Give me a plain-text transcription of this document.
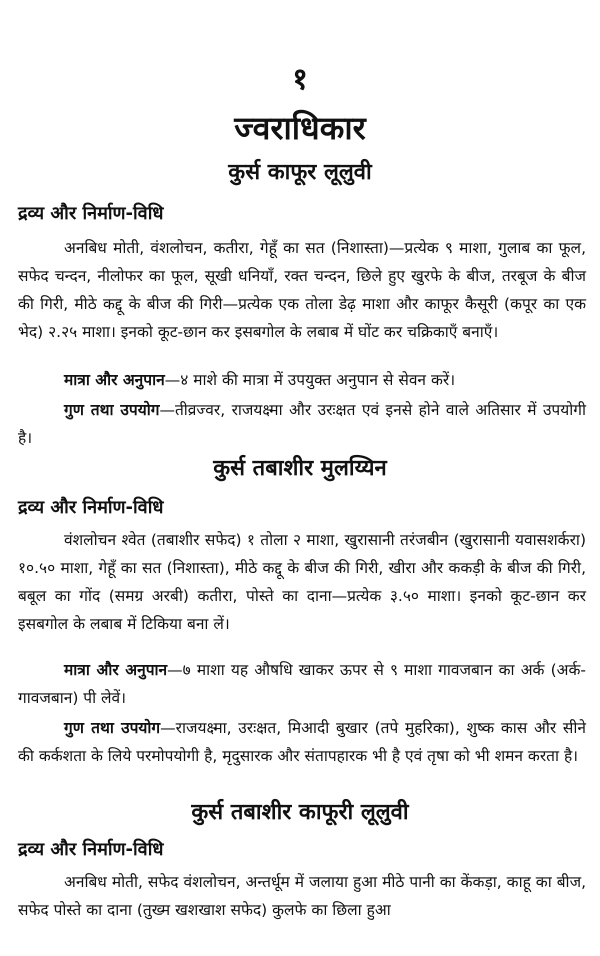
१
ज्वराधिकार
कुर्स काफूर लूलुवी
द्रव्य और निर्माण-विधि

अनबिध मोती, वंशलोचन, कतीरा, गेहूँ का सत (निशास्ता)—प्रत्येक ९ माशा, गुलाब का फूल, सफेद चन्दन, नीलोफर का फूल, सूखी धनियाँ, रक्त चन्दन, छिले हुए खुरफे के बीज, तरबूज के बीज की गिरी, मीठे कद्दू के बीज की गिरी—प्रत्येक एक तोला डेढ़ माशा और काफूर कैसूरी (कपूर का एक भेद) २.२५ माशा। इनको कूट-छान कर इसबगोल के लबाब में घोंट कर चक्रिकाएँ बनाएँ।

मात्रा और अनुपान—४ माशे की मात्रा में उपयुक्त अनुपान से सेवन करें।

गुण तथा उपयोग—तीव्रज्वर, राजयक्ष्मा और उरःक्षत एवं इनसे होने वाले अतिसार में उपयोगी है।

कुर्स तबाशीर मुलय्यिन
द्रव्य और निर्माण-विधि

वंशलोचन श्वेत (तबाशीर सफेद) १ तोला २ माशा, खुरासानी तरंजबीन (खुरासानी यवासशर्करा) १०.५० माशा, गेहूँ का सत (निशास्ता), मीठे कद्दू के बीज की गिरी, खीरा और ककड़ी के बीज की गिरी, बबूल का गोंद (समग्र अरबी) कतीरा, पोस्ते का दाना—प्रत्येक ३.५० माशा। इनको कूट-छान कर इसबगोल के लबाब में टिकिया बना लें।

मात्रा और अनुपान—७ माशा यह औषधि खाकर ऊपर से ९ माशा गावजबान का अर्क (अर्क-गावजबान) पी लेवें।

गुण तथा उपयोग—राजयक्ष्मा, उरःक्षत, मिआदी बुखार (तपे मुहरिका), शुष्क कास और सीने की कर्कशता के लिये परमोपयोगी है, मृदुसारक और संतापहारक भी है एवं तृषा को भी शमन करता है।

कुर्स तबाशीर काफूरी लूलुवी
द्रव्य और निर्माण-विधि

अनबिध मोती, सफेद वंशलोचन, अन्तर्धूम में जलाया हुआ मीठे पानी का केंकड़ा, काहू का बीज, सफेद पोस्ते का दाना (तुख्म खशखाश सफेद) कुलफे का छिला हुआ
